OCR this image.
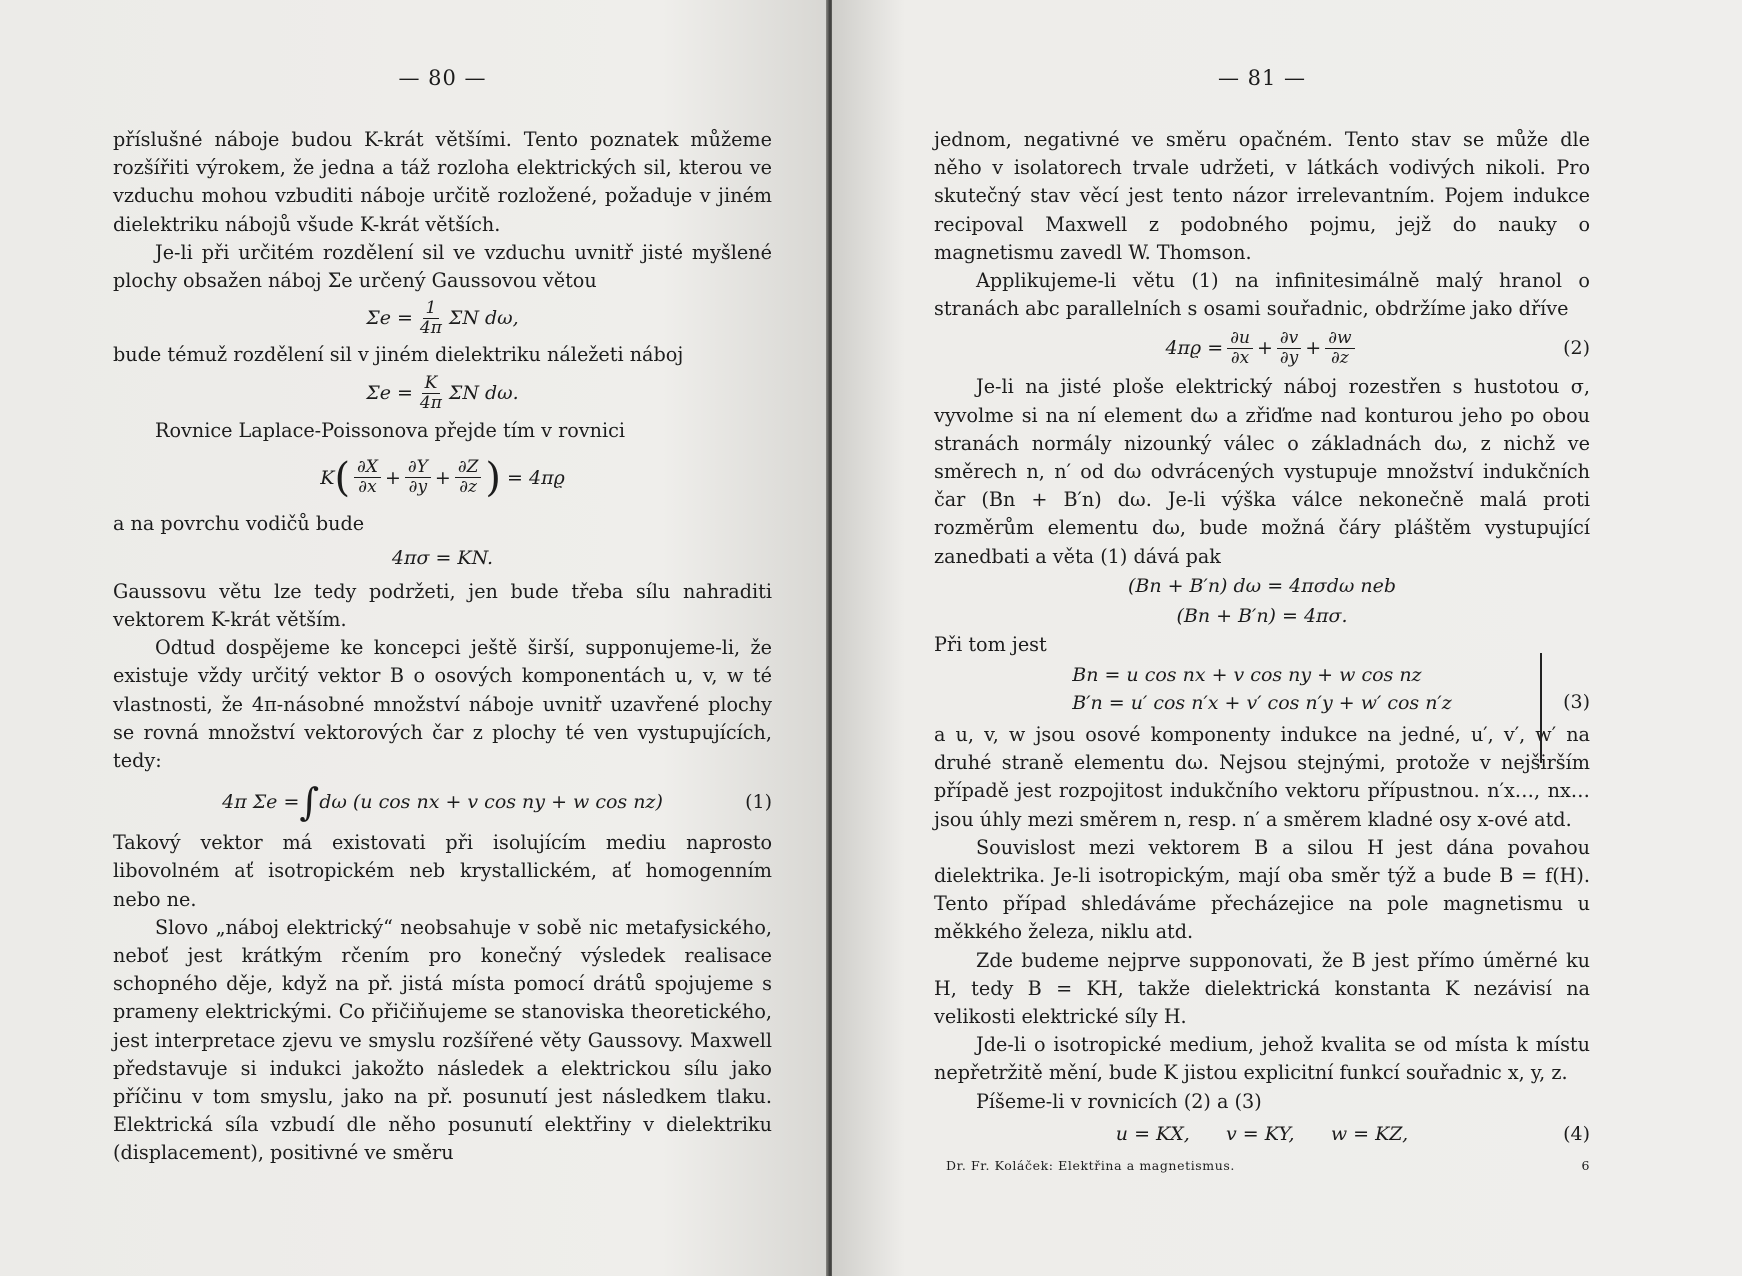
— 80 —

příslušné náboje budou K-krát většími. Tento poznatek můžeme rozšířiti výrokem, že jedna a táž rozloha elektrických sil, kterou ve vzduchu mohou vzbuditi náboje určitě rozložené, požaduje v jiném dielektriku nábojů všude K-krát větších.

Je-li při určitém rozdělení sil ve vzduchu uvnitř jisté myšlené plochy obsažen náboj Σe určený Gaussovou větou

$\Sigma e = \frac{1}{4\pi}$ ΣN dω,

bude témuž rozdělení sil v jiném dielektriku náležeti náboj

$\Sigma e = \frac{K}{4\pi}$ ΣN dω.

Rovnice Laplace-Poissonova přejde tím v rovnici

K ( $\frac{\partial X}{\partial x} + \frac{\partial Y}{\partial y} + \frac{\partial Z}{\partial z}$ ) = 4πϱ

a na povrchu vodičů bude

4πσ = KN.

Gaussovu větu lze tedy podržeti, jen bude třeba sílu nahraditi vektorem K-krát větším.

Odtud dospějeme ke koncepci ještě širší, supponujeme-li, že existuje vždy určitý vektor B o osových komponentách u, v, w té vlastnosti, že 4π-násobné množství náboje uvnitř uzavřené plochy se rovná množství vektorových čar z plochy té ven vystupujících, tedy:

4π Σe = ∫ dω (u cos nx + v cos ny + w cos nz)	(1)

Takový vektor má existovati při isolujícím mediu naprosto libovolném ať isotropickém neb krystallickém, ať homogenním nebo ne.

Slovo „náboj elektrický“ neobsahuje v sobě nic metafysického, neboť jest krátkým rčením pro konečný výsledek realisace schopného děje, když na př. jistá místa pomocí drátů spojujeme s prameny elektrickými. Co přičiňujeme se stanoviska theoretického, jest interpretace zjevu ve smyslu rozšířené věty Gaussovy. Maxwell představuje si indukci jakožto následek a elektrickou sílu jako příčinu v tom smyslu, jako na př. posunutí jest následkem tlaku. Elektrická síla vzbudí dle něho posunutí elektřiny v dielektriku (displacement), positivné ve směru

— 81 —

jednom, negativné ve směru opačném. Tento stav se může dle něho v isolatorech trvale udržeti, v látkách vodivých nikoli. Pro skutečný stav věcí jest tento názor irrelevantním. Pojem indukce recipoval Maxwell z podobného pojmu, jejž do nauky o magnetismu zavedl W. Thomson.

Applikujeme-li větu (1) na infinitesimálně malý hranol o stranách abc parallelních s osami souřadnic, obdržíme jako dříve

$4\pi ϱ = \frac{\partial u}{\partial x} + \frac{\partial v}{\partial y} + \frac{\partial w}{\partial z}$	(2)

Je-li na jisté ploše elektrický náboj rozestřen s hustotou σ, vyvolme si na ní element dω a zřiďme nad konturou jeho po obou stranách normály nizounký válec o základnách dω, z nichž ve směrech n, n′ od dω odvrácených vystupuje množství indukčních čar (Bn + B′n) dω. Je-li výška válce nekonečně malá proti rozměrům elementu dω, bude možná čáry pláštěm vystupující zanedbati a věta (1) dává pak

(Bn + B′n) dω = 4πσdω neb
(Bn + B′n) = 4πσ.

Při tom jest

Bn = u cos nx + v cos ny + w cos nz
B′n = u′ cos n′x + v′ cos n′y + w′ cos n′z	(3)

a u, v, w jsou osové komponenty indukce na jedné, u′, v′, w′ na druhé straně elementu dω. Nejsou stejnými, protože v nejširším případě jest rozpojitost indukčního vektoru přípustnou. n′x…, nx… jsou úhly mezi směrem n, resp. n′ a směrem kladné osy x-ové atd.

Souvislost mezi vektorem B a silou H jest dána povahou dielektrika. Je-li isotropickým, mají oba směr týž a bude B = f(H). Tento případ shledáváme přecházejice na pole magnetismu u měkkého železa, niklu atd.

Zde budeme nejprve supponovati, že B jest přímo úměrné ku H, tedy B = KH, takže dielektrická konstanta K nezávisí na velikosti elektrické síly H.

Jde-li o isotropické medium, jehož kvalita se od místa k místu nepřetržitě mění, bude K jistou explicitní funkcí souřadnic x, y, z.

Píšeme-li v rovnicích (2) a (3)

u = KX,      v = KY,      w = KZ,	(4)
Dr. Fr. Koláček: Elektřina a magnetismus.	6
